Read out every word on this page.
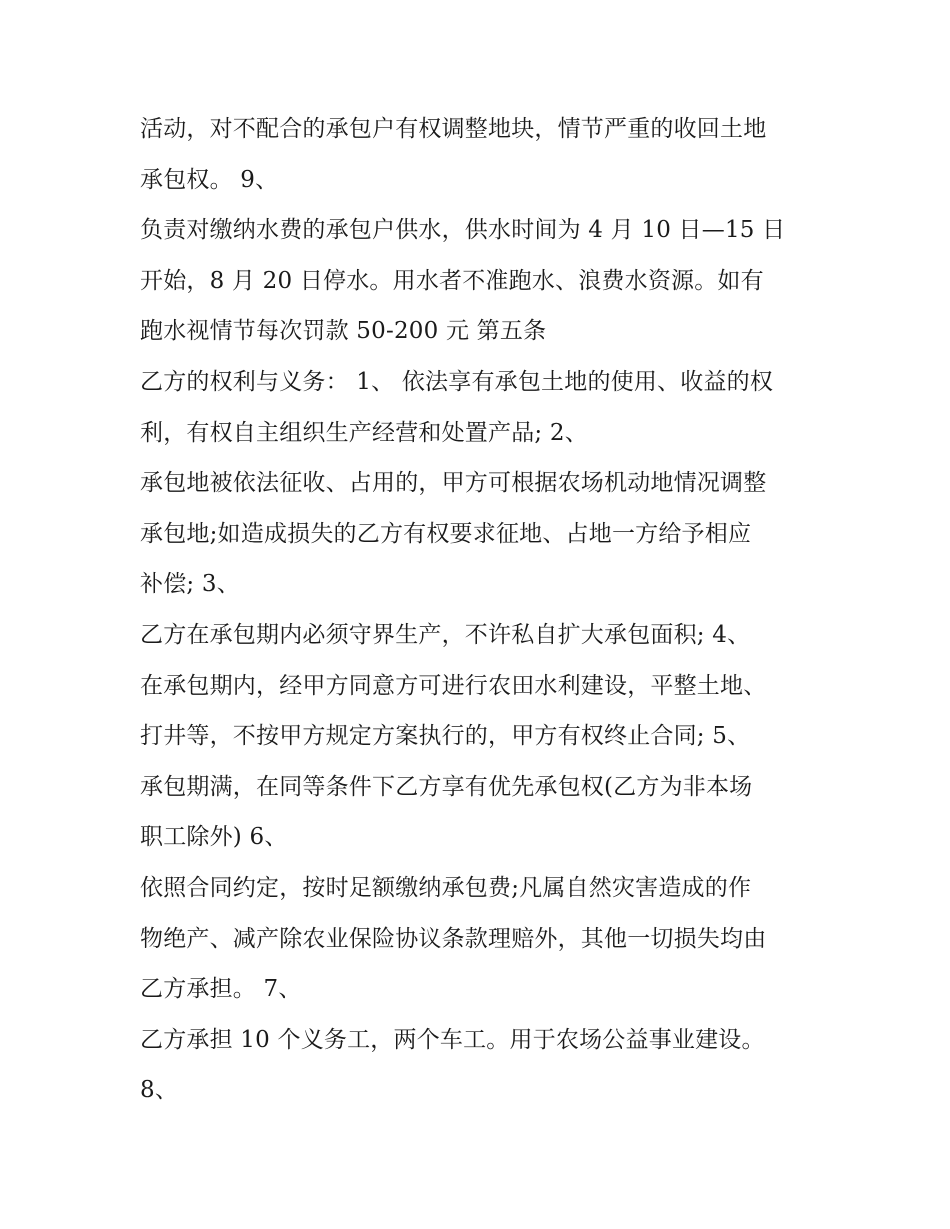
活动，对不配合的承包户有权调整地块，情节严重的收回土地
承包权。 9、
负责对缴纳水费的承包户供水，供水时间为 4 月 10 日—15 日
开始，8 月 20 日停水。用水者不准跑水、浪费水资源。如有
跑水视情节每次罚款 50-200 元 第五条
乙方的权利与义务： 1、 依法享有承包土地的使用、收益的权
利，有权自主组织生产经营和处置产品; 2、
承包地被依法征收、占用的，甲方可根据农场机动地情况调整
承包地;如造成损失的乙方有权要求征地、占地一方给予相应
补偿; 3、
乙方在承包期内必须守界生产，不许私自扩大承包面积; 4、
在承包期内，经甲方同意方可进行农田水利建设，平整土地、
打井等，不按甲方规定方案执行的，甲方有权终止合同; 5、
承包期满，在同等条件下乙方享有优先承包权(乙方为非本场
职工除外) 6、
依照合同约定，按时足额缴纳承包费;凡属自然灾害造成的作
物绝产、减产除农业保险协议条款理赔外，其他一切损失均由
乙方承担。 7、
乙方承担 10 个义务工，两个车工。用于农场公益事业建设。
8、
